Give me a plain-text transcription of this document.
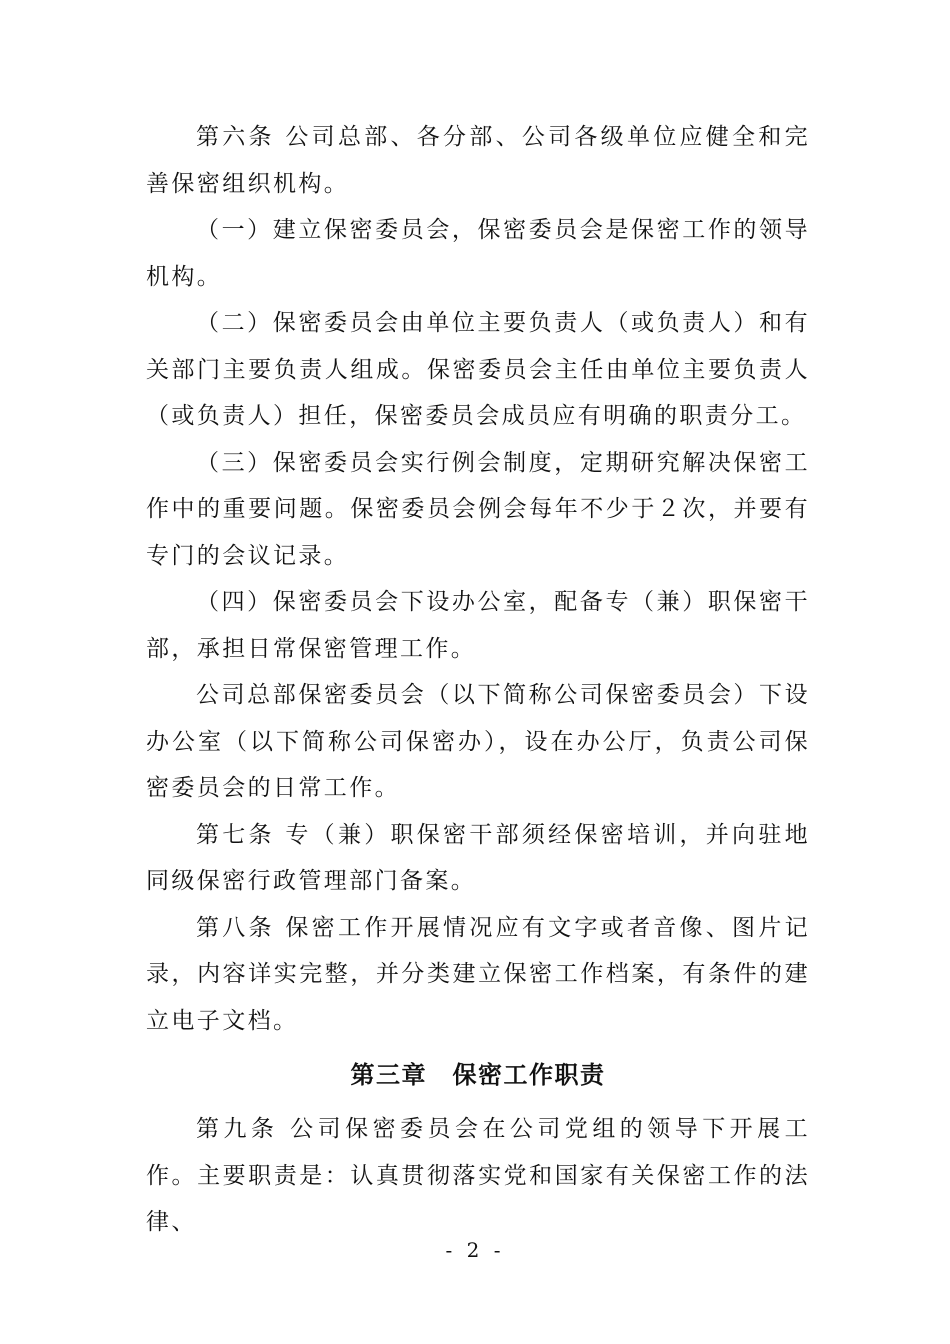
第六条 公司总部、各分部、公司各级单位应健全和完善保密组织机构。

（一）建立保密委员会，保密委员会是保密工作的领导机构。

（二）保密委员会由单位主要负责人（或负责人）和有关部门主要负责人组成。保密委员会主任由单位主要负责人（或负责人）担任，保密委员会成员应有明确的职责分工。

（三）保密委员会实行例会制度，定期研究解决保密工作中的重要问题。保密委员会例会每年不少于２次，并要有专门的会议记录。

（四）保密委员会下设办公室，配备专（兼）职保密干部，承担日常保密管理工作。

公司总部保密委员会（以下简称公司保密委员会）下设办公室（以下简称公司保密办），设在办公厅，负责公司保密委员会的日常工作。

第七条 专（兼）职保密干部须经保密培训，并向驻地同级保密行政管理部门备案。

第八条 保密工作开展情况应有文字或者音像、图片记录，内容详实完整，并分类建立保密工作档案，有条件的建立电子文档。

第三章　保密工作职责

第九条 公司保密委员会在公司党组的领导下开展工作。主要职责是：认真贯彻落实党和国家有关保密工作的法律、

- 2 -
